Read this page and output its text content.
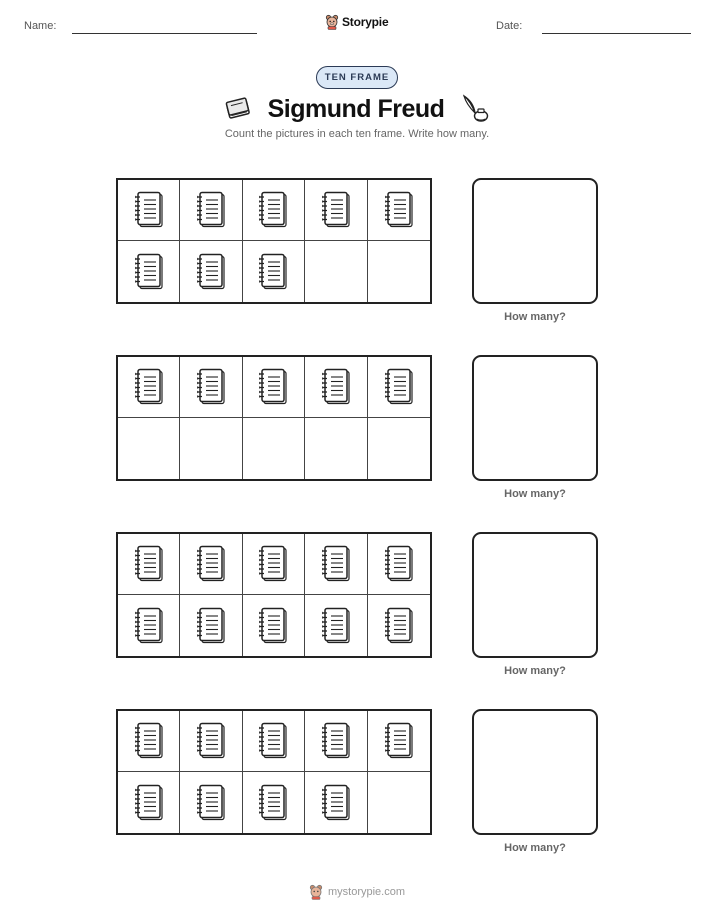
Name:	Storypie	Date:
TEN FRAME
Sigmund Freud
Count the pictures in each ten frame. Write how many.
How many?
How many?
How many?
How many?
mystorypie.com
